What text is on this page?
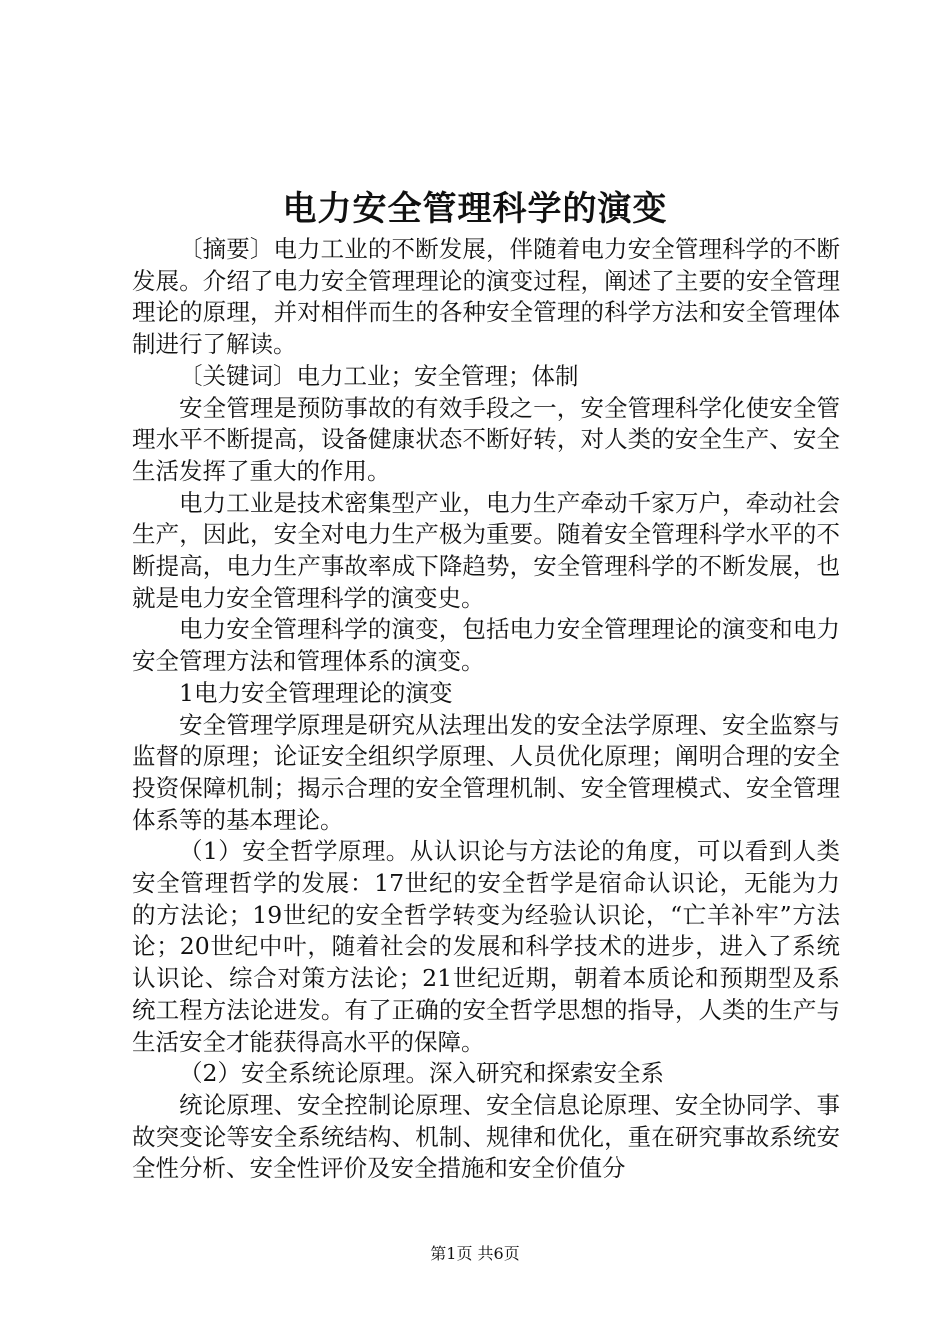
电力安全管理科学的演变

〔摘要〕电力工业的不断发展，伴随着电力安全管理科学的不断发展。介绍了电力安全管理理论的演变过程，阐述了主要的安全管理理论的原理，并对相伴而生的各种安全管理的科学方法和安全管理体制进行了解读。

〔关键词〕电力工业；安全管理；体制

安全管理是预防事故的有效手段之一，安全管理科学化使安全管理水平不断提高，设备健康状态不断好转，对人类的安全生产、安全生活发挥了重大的作用。

电力工业是技术密集型产业，电力生产牵动千家万户，牵动社会生产，因此，安全对电力生产极为重要。随着安全管理科学水平的不断提高，电力生产事故率成下降趋势，安全管理科学的不断发展，也就是电力安全管理科学的演变史。

电力安全管理科学的演变，包括电力安全管理理论的演变和电力安全管理方法和管理体系的演变。

1电力安全管理理论的演变

安全管理学原理是研究从法理出发的安全法学原理、安全监察与监督的原理；论证安全组织学原理、人员优化原理；阐明合理的安全投资保障机制；揭示合理的安全管理机制、安全管理模式、安全管理体系等的基本理论。

（1）安全哲学原理。从认识论与方法论的角度，可以看到人类安全管理哲学的发展：17世纪的安全哲学是宿命认识论，无能为力的方法论；19世纪的安全哲学转变为经验认识论，“亡羊补牢”方法论；20世纪中叶，随着社会的发展和科学技术的进步，进入了系统认识论、综合对策方法论；21世纪近期，朝着本质论和预期型及系统工程方法论进发。有了正确的安全哲学思想的指导，人类的生产与生活安全才能获得高水平的保障。

（2）安全系统论原理。深入研究和探索安全系

统论原理、安全控制论原理、安全信息论原理、安全协同学、事故突变论等安全系统结构、机制、规律和优化，重在研究事故系统安全性分析、安全性评价及安全措施和安全价值分

第1页 共6页
